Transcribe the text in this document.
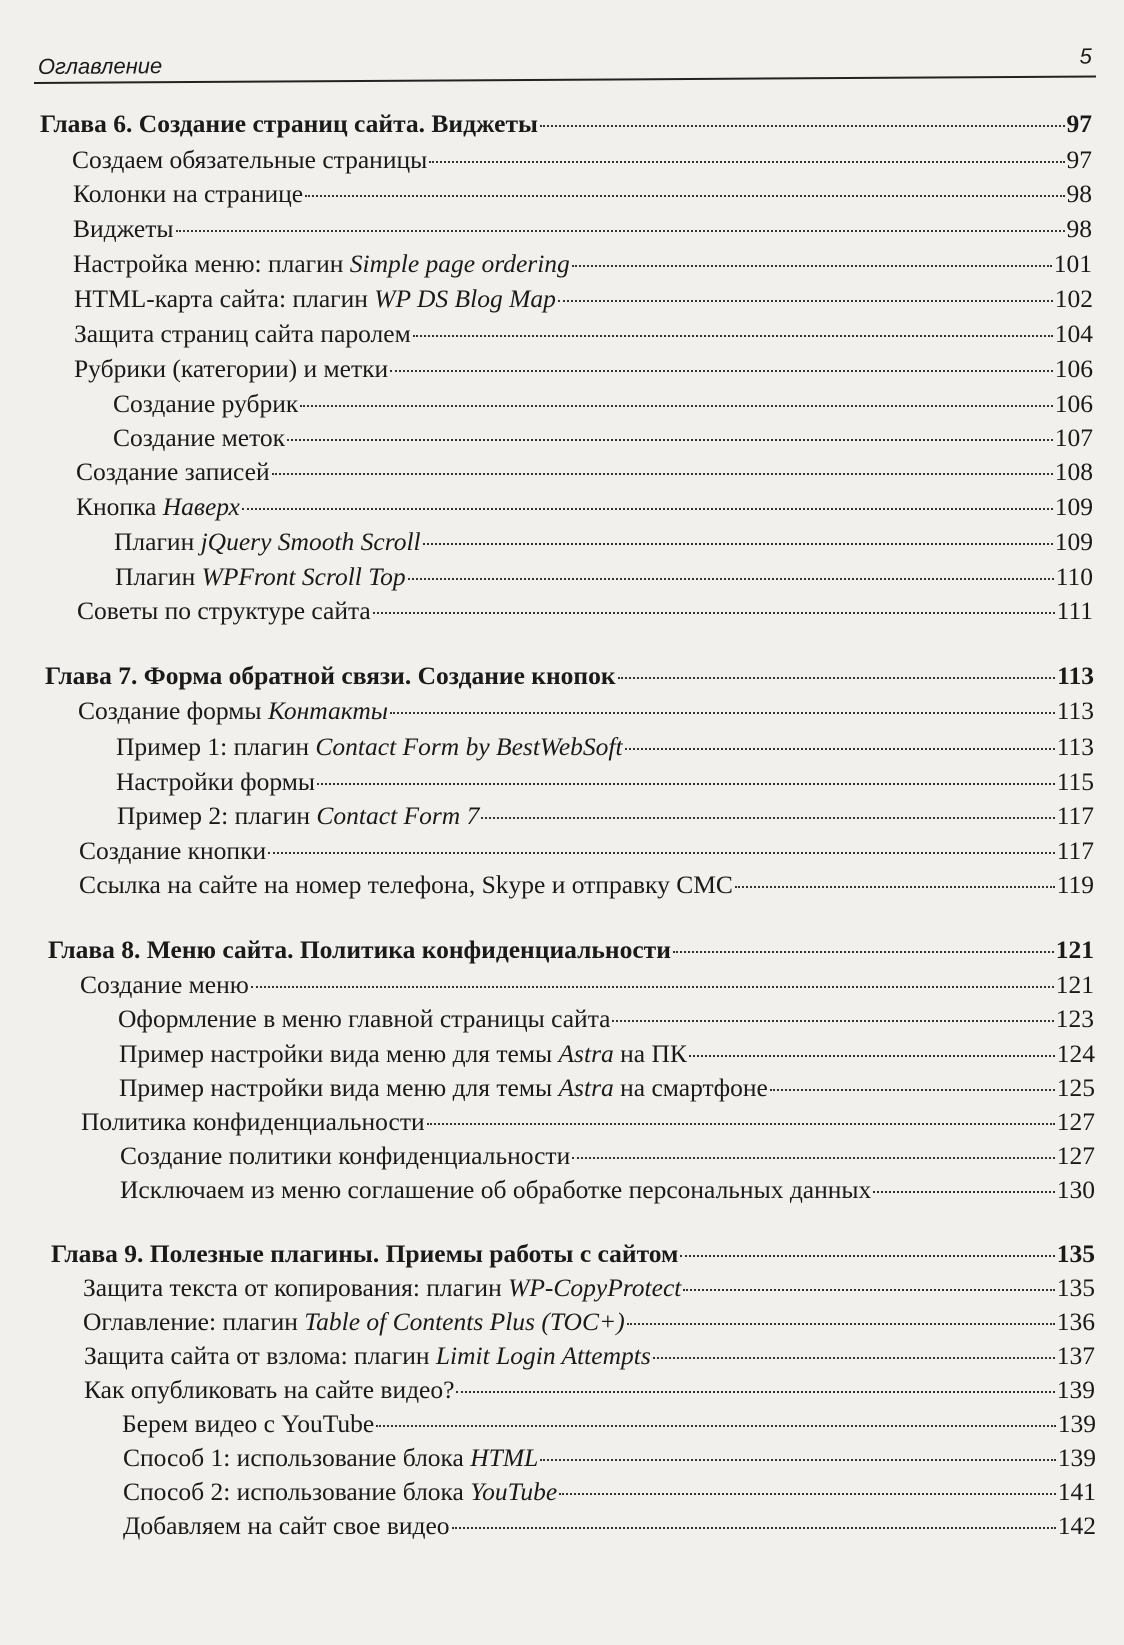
Оглавление	5
Глава 6. Создание страниц сайта. Виджеты	97
Создаем обязательные страницы	97
Колонки на странице	98
Виджеты	98
Настройка меню: плагин Simple page ordering	101
HTML-карта сайта: плагин WP DS Blog Map	102
Защита страниц сайта паролем	104
Рубрики (категории) и метки	106
Создание рубрик	106
Создание меток	107
Создание записей	108
Кнопка Наверх	109
Плагин jQuery Smooth Scroll	109
Плагин WPFront Scroll Top	110
Советы по структуре сайта	111
Глава 7. Форма обратной связи. Создание кнопок	113
Создание формы Контакты	113
Пример 1: плагин Contact Form by BestWebSoft	113
Настройки формы	115
Пример 2: плагин Contact Form 7	117
Создание кнопки	117
Ссылка на сайте на номер телефона, Skype и отправку СМС	119
Глава 8. Меню сайта. Политика конфиденциальности	121
Создание меню	121
Оформление в меню главной страницы сайта	123
Пример настройки вида меню для темы Astra на ПК	124
Пример настройки вида меню для темы Astra на смартфоне	125
Политика конфиденциальности	127
Создание политики конфиденциальности	127
Исключаем из меню соглашение об обработке персональных данных	130
Глава 9. Полезные плагины. Приемы работы с сайтом	135
Защита текста от копирования: плагин WP-CopyProtect	135
Оглавление: плагин Table of Contents Plus (TOC+)	136
Защита сайта от взлома: плагин Limit Login Attempts	137
Как опубликовать на сайте видео?	139
Берем видео с YouTube	139
Способ 1: использование блока HTML	139
Способ 2: использование блока YouTube	141
Добавляем на сайт свое видео	142
